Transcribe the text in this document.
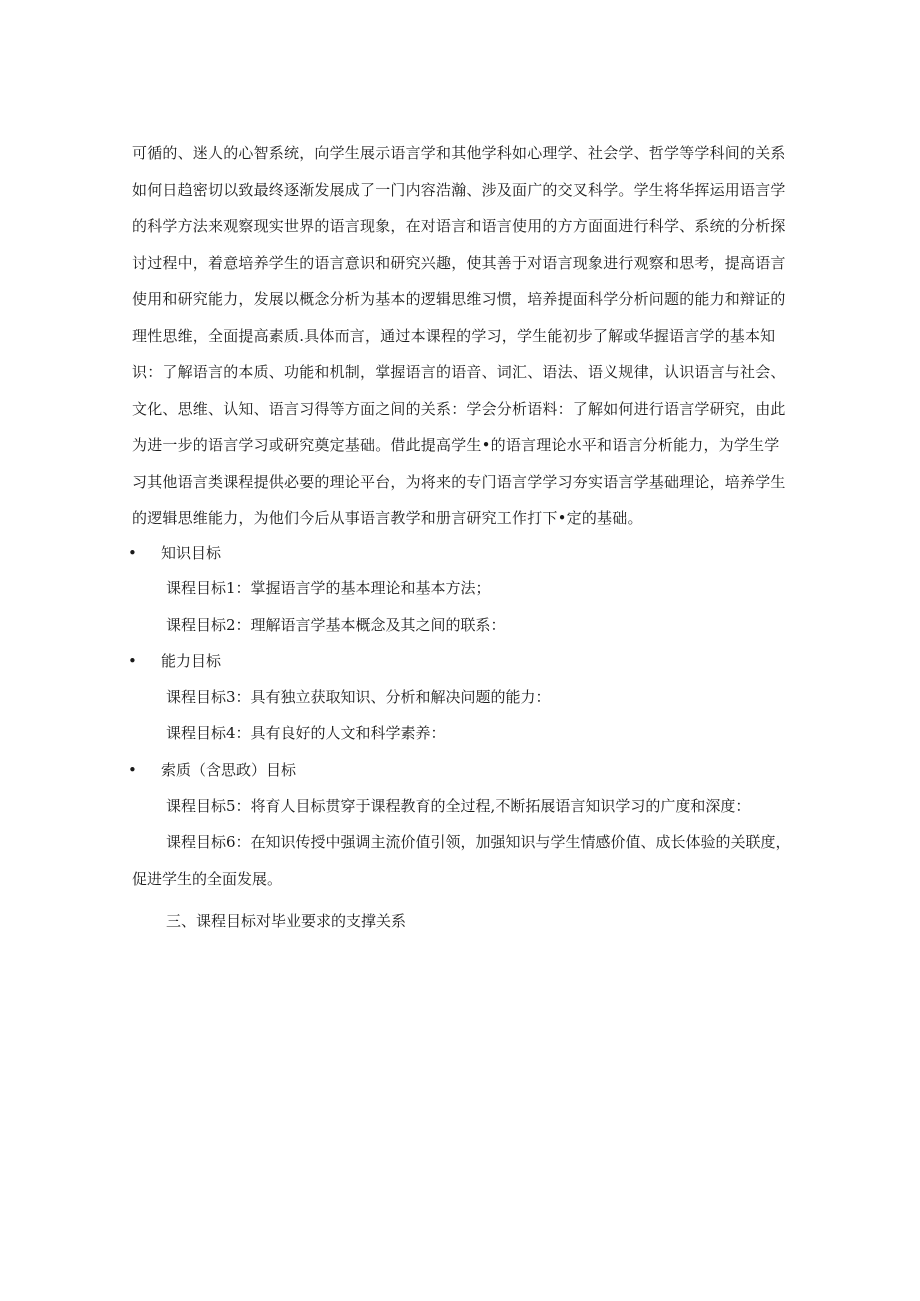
可循的、迷人的心智系统，向学生展示语言学和其他学科如心理学、社会学、哲学等学科间的关系
如何日趋密切以致最终逐渐发展成了一门内容浩瀚、涉及面广的交叉科学。学生将华挥运用语言学
的科学方法来观察现实世界的语言现象，在对语言和语言使用的方方面面进行科学、系统的分析探
讨过程中，着意培养学生的语言意识和研究兴趣，使其善于对语言现象进行观察和思考，提高语言
使用和研究能力，发展以概念分析为基本的逻辑思维习惯，培养提面科学分析问题的能力和辩证的
理性思维，全面提高素质.具体而言，通过本课程的学习，学生能初步了解或华握语言学的基本知
识：了解语言的本质、功能和机制，掌握语言的语音、词汇、语法、语义规律，认识语言与社会、
文化、思维、认知、语言习得等方面之间的关系：学会分析语料：了解如何进行语言学研究，由此
为进一步的语言学习或研究奠定基础。借此提高学生•的语言理论水平和语言分析能力，为学生学
习其他语言类课程提供必要的理论平台，为将来的专门语言学学习夯实语言学基础理论，培养学生
的逻辑思维能力，为他们今后从事语言教学和册言研究工作打下•定的基础。
• 知识目标
课程目标1：掌握语言学的基本理论和基本方法；
课程目标2：理解语言学基本概念及其之间的联系：
• 能力目标
课程目标3：具有独立获取知识、分析和解决问题的能力：
课程目标4：具有良好的人文和科学素养：
• 索质（含思政）目标
课程目标5：将育人目标贯穿于课程教育的全过程,不断拓展语言知识学习的广度和深度：
课程目标6：在知识传授中强调主流价值引领，加强知识与学生情感价值、成长体验的关联度，
促进学生的全面发展。
三、课程目标对毕业要求的支撑关系
